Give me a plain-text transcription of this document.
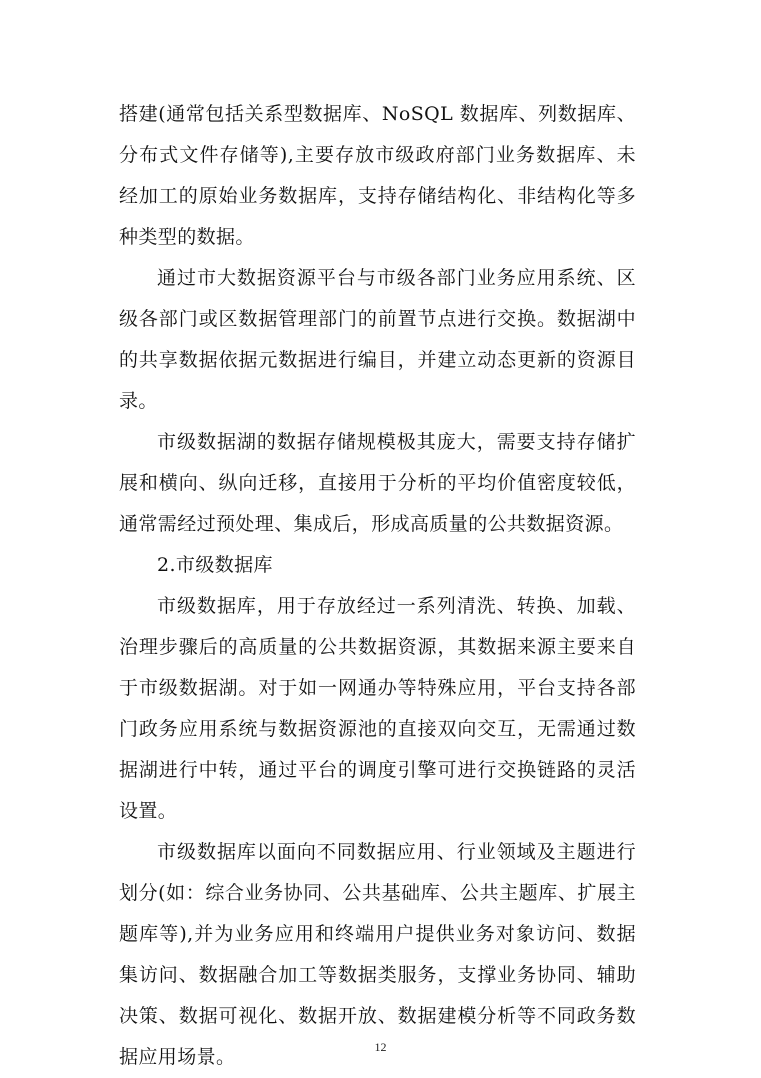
搭建(通常包括关系型数据库、NoSQL 数据库、列数据库、分布式文件存储等),主要存放市级政府部门业务数据库、未经加工的原始业务数据库，支持存储结构化、非结构化等多种类型的数据。

通过市大数据资源平台与市级各部门业务应用系统、区级各部门或区数据管理部门的前置节点进行交换。数据湖中的共享数据依据元数据进行编目，并建立动态更新的资源目录。

市级数据湖的数据存储规模极其庞大，需要支持存储扩展和横向、纵向迁移，直接用于分析的平均价值密度较低，通常需经过预处理、集成后，形成高质量的公共数据资源。

2.市级数据库

市级数据库，用于存放经过一系列清洗、转换、加载、治理步骤后的高质量的公共数据资源，其数据来源主要来自于市级数据湖。对于如一网通办等特殊应用，平台支持各部门政务应用系统与数据资源池的直接双向交互，无需通过数据湖进行中转，通过平台的调度引擎可进行交换链路的灵活设置。

市级数据库以面向不同数据应用、行业领域及主题进行划分(如：综合业务协同、公共基础库、公共主题库、扩展主题库等),并为业务应用和终端用户提供业务对象访问、数据集访问、数据融合加工等数据类服务，支撑业务协同、辅助决策、数据可视化、数据开放、数据建模分析等不同政务数据应用场景。	12
